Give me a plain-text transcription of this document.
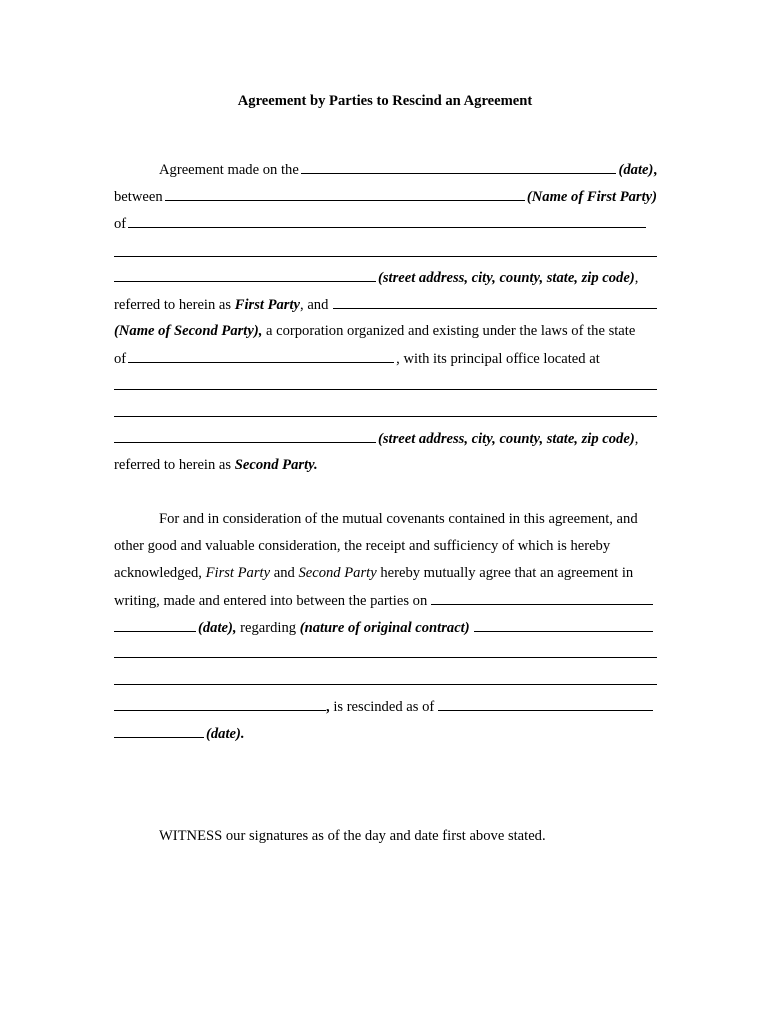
Agreement by Parties to Rescind an Agreement
Agreement made on the	(date) ,
between	(Name of First Party)
of
(street address, city, county, state, zip code) ,
referred to herein as
First Party , and
(Name of Second Party),
a corporation organized and existing under the laws of the state
of	, with its principal office located at
(street address, city, county, state, zip code) ,
referred to herein as
Second Party.
For and in consideration of the mutual covenants contained in this agreement, and
other good and valuable consideration, the receipt and sufficiency of which is hereby
acknowledged,
First Party
and
Second Party
hereby mutually agree that an agreement in
writing, made and entered into between the parties on
(date),
regarding
(nature of original contract)
,
is rescinded as of
(date).
WITNESS our signatures as of the day and date first above stated.
